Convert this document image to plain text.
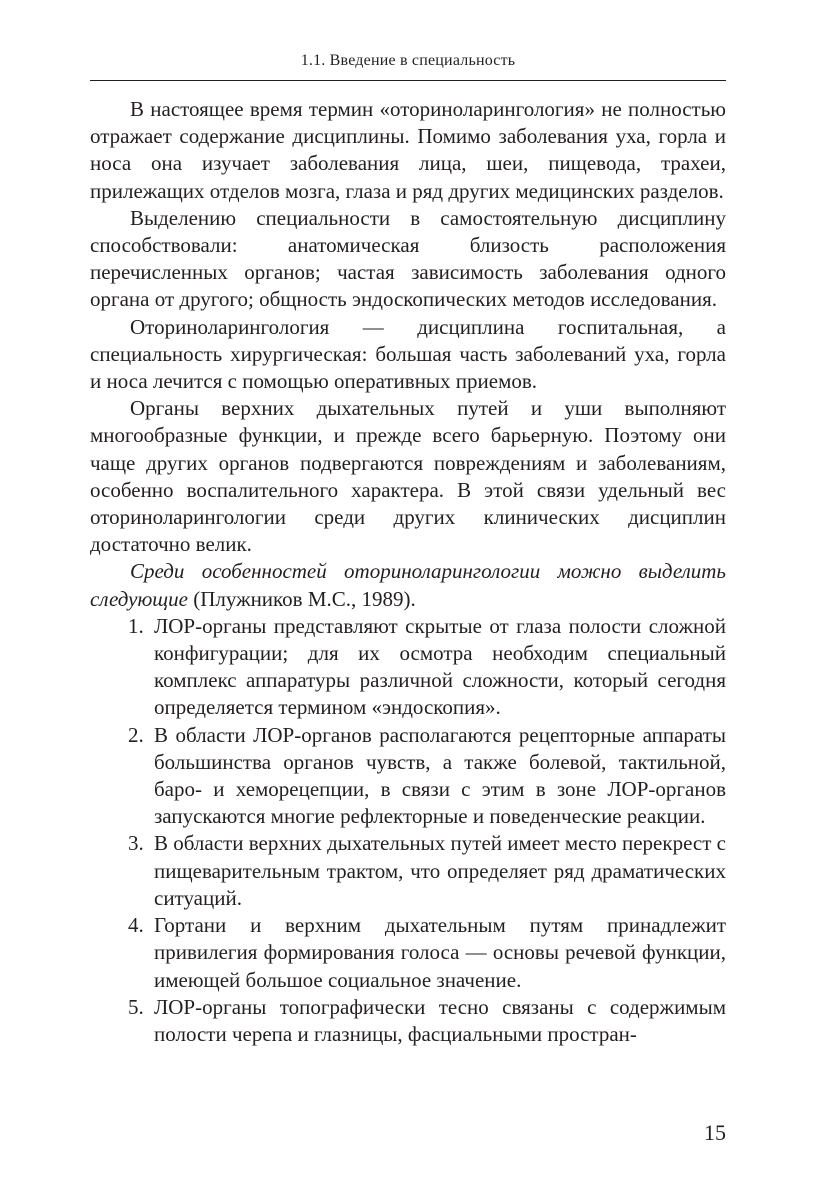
1.1. Введение в специальность

В настоящее время термин «оториноларингология» не полностью отражает содержание дисциплины. Помимо заболевания уха, горла и носа она изучает заболевания лица, шеи, пищевода, трахеи, прилежащих отделов мозга, глаза и ряд других медицинских разделов.

Выделению специальности в самостоятельную дисциплину способствовали: анатомическая близость расположения перечисленных органов; частая зависимость заболевания одного органа от другого; общность эндоскопических методов исследования.

Оториноларингология — дисциплина госпитальная, а специальность хирургическая: большая часть заболеваний уха, горла и носа лечится с помощью оперативных приемов.

Органы верхних дыхательных путей и уши выполняют многообразные функции, и прежде всего барьерную. Поэтому они чаще других органов подвергаются повреждениям и заболеваниям, особенно воспалительного характера. В этой связи удельный вес оториноларингологии среди других клинических дисциплин достаточно велик.

Среди особенностей оториноларингологии можно выделить следующие (Плужников М.С., 1989).

1. ЛОР-органы представляют скрытые от глаза полости сложной конфигурации; для их осмотра необходим специальный комплекс аппаратуры различной сложности, который сегодня определяется термином «эндоскопия».
2. В области ЛОР-органов располагаются рецепторные аппараты большинства органов чувств, а также болевой, тактильной, баро- и хеморецепции, в связи с этим в зоне ЛОР-органов запускаются многие рефлекторные и поведенческие реакции.
3. В области верхних дыхательных путей имеет место перекрест с пищеварительным трактом, что определяет ряд драматических ситуаций.
4. Гортани и верхним дыхательным путям принадлежит привилегия формирования голоса — основы речевой функции, имеющей большое социальное значение.
5. ЛОР-органы топографически тесно связаны с содержимым полости черепа и глазницы, фасциальными простран-
15
